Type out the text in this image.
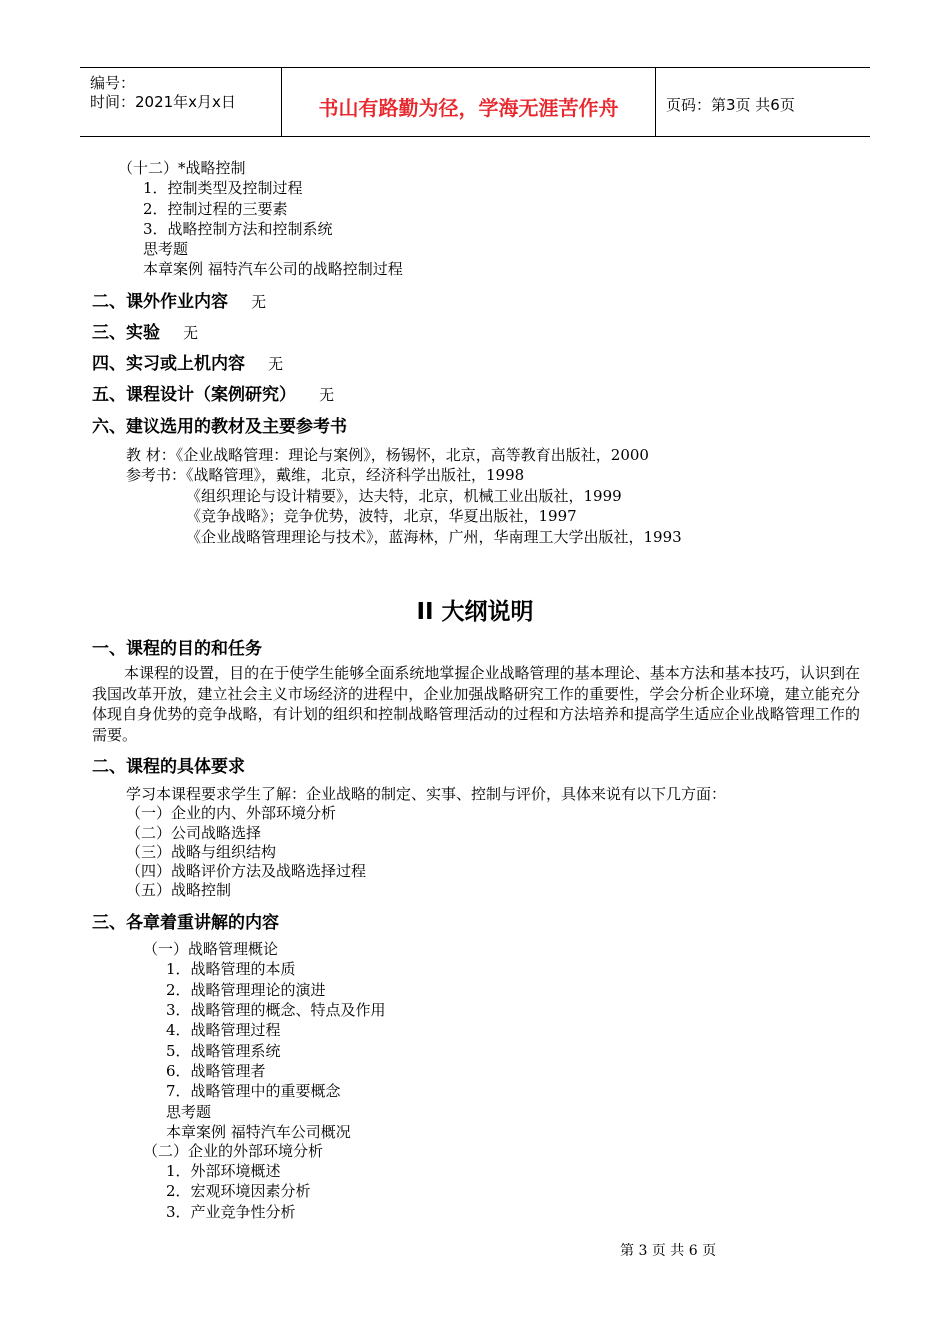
编号：
时间：2021年x月x日	书山有路勤为径，学海无涯苦作舟	页码：第3页 共6页
（十二）*战略控制
1．控制类型及控制过程
2．控制过程的三要素
3．战略控制方法和控制系统
思考题
本章案例 福特汽车公司的战略控制过程
二、课外作业内容 无
三、实验 无
四、实习或上机内容 无
五、课程设计（案例研究） 无
六、建议选用的教材及主要参考书
教 材：《企业战略管理：理论与案例》，杨锡怀，北京，高等教育出版社，2000
参考书：《战略管理》，戴维，北京，经济科学出版社，1998
《组织理论与设计精要》，达夫特，北京，机械工业出版社，1999
《竞争战略》；竞争优势，波特，北京，华夏出版社，1997
《企业战略管理理论与技术》，蓝海林，广州，华南理工大学出版社，1993
II 大纲说明
一、课程的目的和任务
本课程的设置，目的在于使学生能够全面系统地掌握企业战略管理的基本理论、基本方法和基本技巧，认识到在我国改革开放，建立社会主义市场经济的进程中，企业加强战略研究工作的重要性，学会分析企业环境，建立能充分体现自身优势的竞争战略，有计划的组织和控制战略管理活动的过程和方法培养和提高学生适应企业战略管理工作的需要。
二、课程的具体要求
学习本课程要求学生了解：企业战略的制定、实事、控制与评价，具体来说有以下几方面：
（一）企业的内、外部环境分析
（二）公司战略选择
（三）战略与组织结构
（四）战略评价方法及战略选择过程
（五）战略控制
三、各章着重讲解的内容
（一）战略管理概论
1．战略管理的本质
2．战略管理理论的演进
3．战略管理的概念、特点及作用
4．战略管理过程
5．战略管理系统
6．战略管理者
7．战略管理中的重要概念
思考题
本章案例 福特汽车公司概况
（二）企业的外部环境分析
1．外部环境概述
2．宏观环境因素分析
3．产业竞争性分析
第 3 页 共 6 页
